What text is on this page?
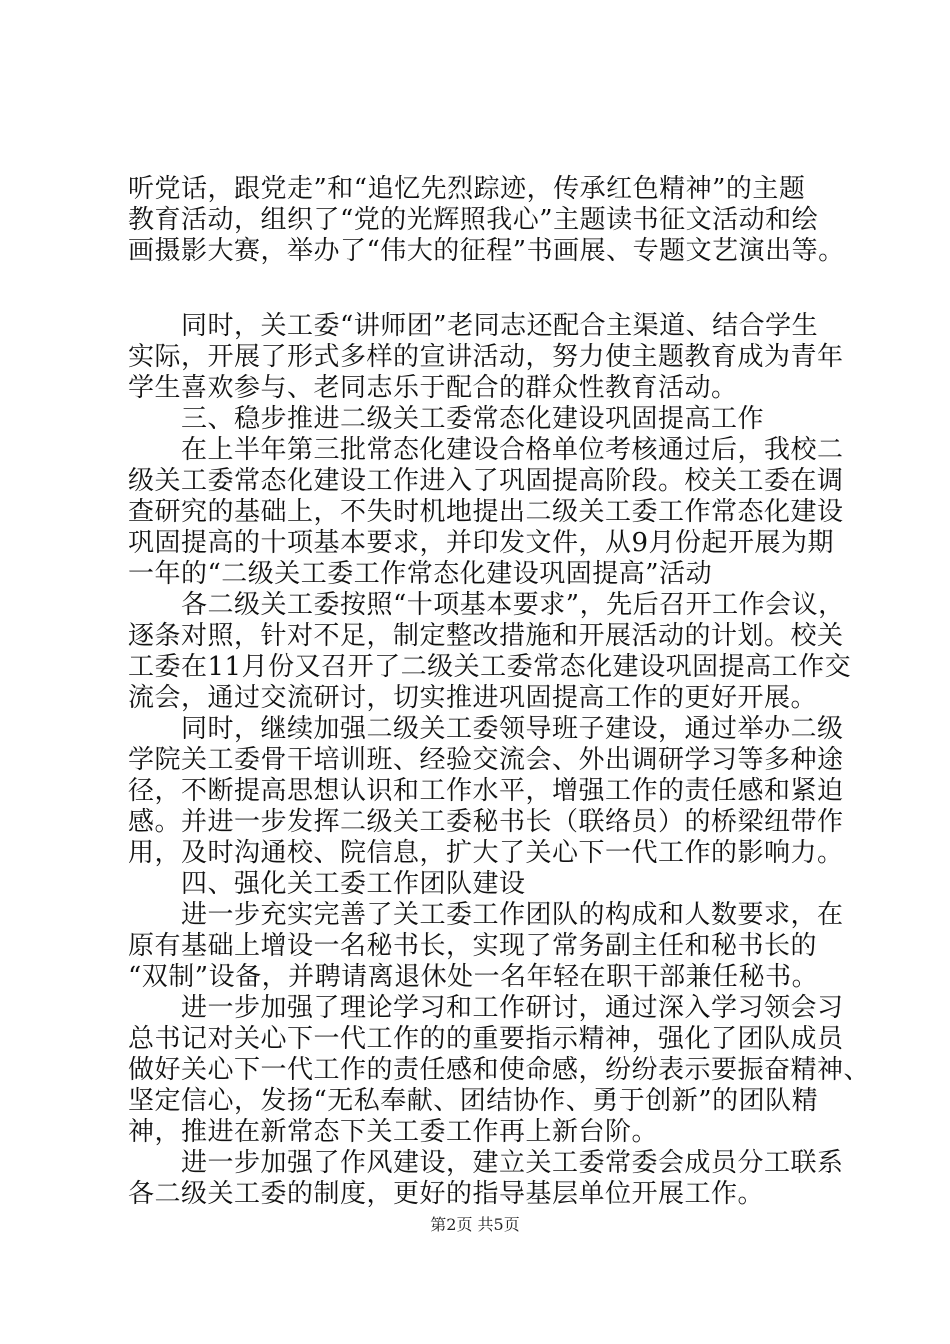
听党话，跟党走”和“追忆先烈踪迹，传承红色精神”的主题
教育活动，组织了“党的光辉照我心”主题读书征文活动和绘
画摄影大赛，举办了“伟大的征程”书画展、专题文艺演出等。
　　同时，关工委“讲师团”老同志还配合主渠道、结合学生
实际，开展了形式多样的宣讲活动，努力使主题教育成为青年
学生喜欢参与、老同志乐于配合的群众性教育活动。
　　三、稳步推进二级关工委常态化建设巩固提高工作
　　在上半年第三批常态化建设合格单位考核通过后，我校二
级关工委常态化建设工作进入了巩固提高阶段。校关工委在调
查研究的基础上，不失时机地提出二级关工委工作常态化建设
巩固提高的十项基本要求，并印发文件，从9月份起开展为期
一年的“二级关工委工作常态化建设巩固提高”活动
　　各二级关工委按照“十项基本要求”，先后召开工作会议，
逐条对照，针对不足，制定整改措施和开展活动的计划。校关
工委在11月份又召开了二级关工委常态化建设巩固提高工作交
流会，通过交流研讨，切实推进巩固提高工作的更好开展。
　　同时，继续加强二级关工委领导班子建设，通过举办二级
学院关工委骨干培训班、经验交流会、外出调研学习等多种途
径，不断提高思想认识和工作水平，增强工作的责任感和紧迫
感。并进一步发挥二级关工委秘书长（联络员）的桥梁纽带作
用，及时沟通校、院信息，扩大了关心下一代工作的影响力。
　　四、强化关工委工作团队建设
　　进一步充实完善了关工委工作团队的构成和人数要求，在
原有基础上增设一名秘书长，实现了常务副主任和秘书长的
“双制”设备，并聘请离退休处一名年轻在职干部兼任秘书。
　　进一步加强了理论学习和工作研讨，通过深入学习领会习
总书记对关心下一代工作的的重要指示精神，强化了团队成员
做好关心下一代工作的责任感和使命感，纷纷表示要振奋精神、
坚定信心，发扬“无私奉献、团结协作、勇于创新”的团队精
神，推进在新常态下关工委工作再上新台阶。
　　进一步加强了作风建设，建立关工委常委会成员分工联系
各二级关工委的制度，更好的指导基层单位开展工作。
第2页 共5页
